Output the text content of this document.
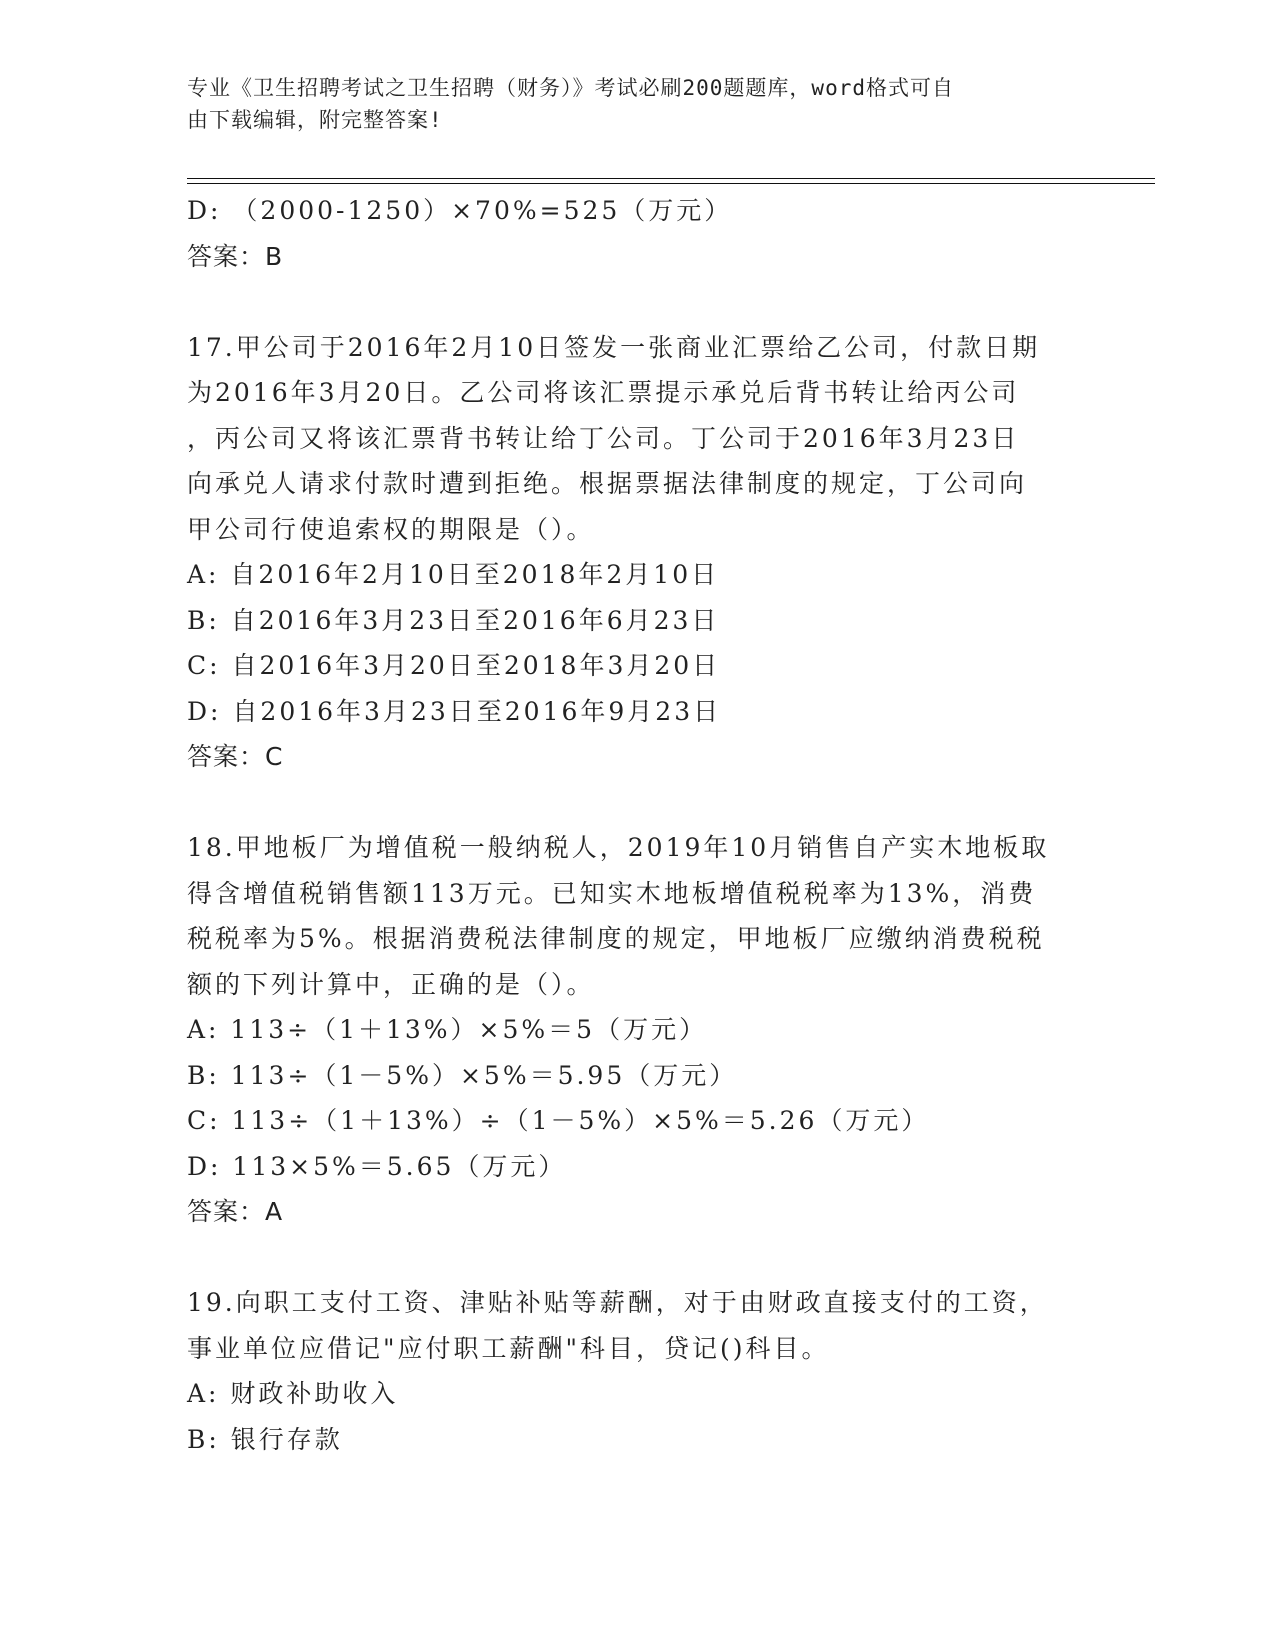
专业《卫生招聘考试之卫生招聘（财务）》考试必刷200题题库，word格式可自
由下载编辑，附完整答案!
D: （2000-1250）×70%=525（万元）
答案：B
17.甲公司于2016年2月10日签发一张商业汇票给乙公司，付款日期
为2016年3月20日。乙公司将该汇票提示承兑后背书转让给丙公司
，丙公司又将该汇票背书转让给丁公司。丁公司于2016年3月23日
向承兑人请求付款时遭到拒绝。根据票据法律制度的规定，丁公司向
甲公司行使追索权的期限是（）。
A: 自2016年2月10日至2018年2月10日
B: 自2016年3月23日至2016年6月23日
C: 自2016年3月20日至2018年3月20日
D: 自2016年3月23日至2016年9月23日
答案：C
18.甲地板厂为增值税一般纳税人，2019年10月销售自产实木地板取
得含增值税销售额113万元。已知实木地板增值税税率为13%，消费
税税率为5%。根据消费税法律制度的规定，甲地板厂应缴纳消费税税
额的下列计算中，正确的是（）。
A: 113÷（1＋13%）×5%＝5（万元）
B: 113÷（1－5%）×5%＝5.95（万元）
C: 113÷（1＋13%）÷（1－5%）×5%＝5.26（万元）
D: 113×5%＝5.65（万元）
答案：A
19.向职工支付工资、津贴补贴等薪酬，对于由财政直接支付的工资，
事业单位应借记"应付职工薪酬"科目，贷记()科目。
A: 财政补助收入
B: 银行存款
